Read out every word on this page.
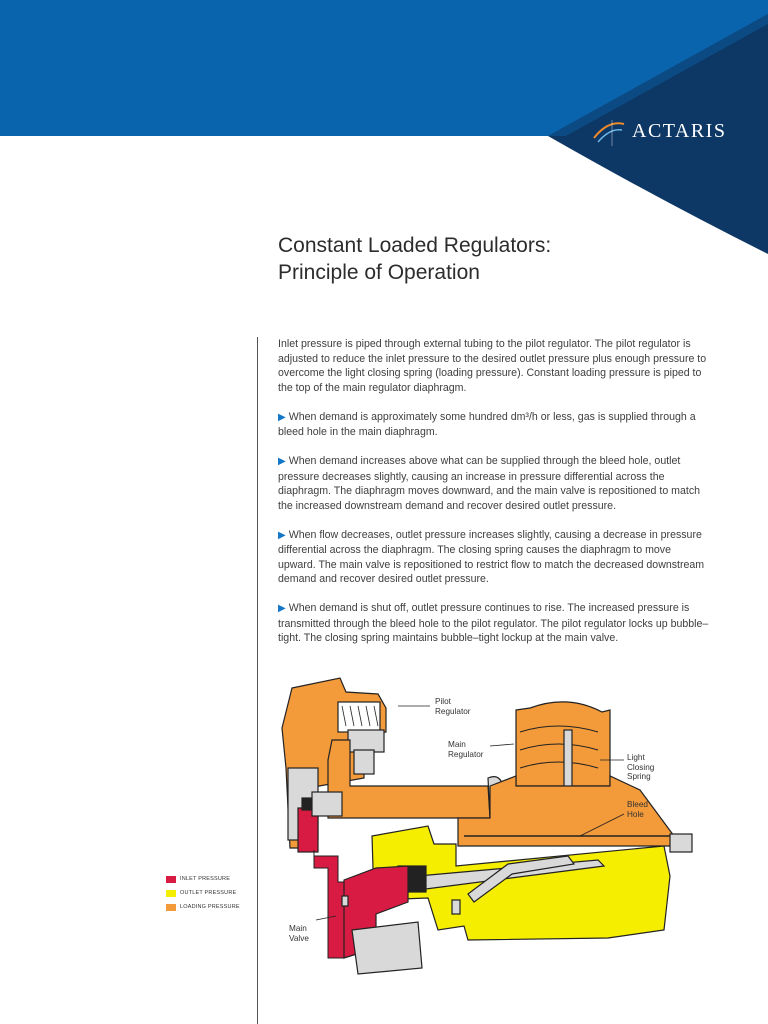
ACTARIS
Constant Loaded Regulators:
Principle of Operation

Inlet pressure is piped through external tubing to the pilot regulator. The pilot regulator is adjusted to reduce the inlet pressure to the desired outlet pressure plus enough pressure to overcome the light closing spring (loading pressure). Constant loading pressure is piped to the top of the main regulator diaphragm.

▶ When demand is approximately some hundred dm³/h or less, gas is supplied through a bleed hole in the main diaphragm.

▶ When demand increases above what can be supplied through the bleed hole, outlet pressure decreases slightly, causing an increase in pressure differential across the diaphragm. The diaphragm moves downward, and the main valve is repositioned to match the increased downstream demand and recover desired outlet pressure.

▶ When flow decreases, outlet pressure increases slightly, causing a decrease in pressure differential across the diaphragm. The closing spring causes the diaphragm to move upward. The main valve is repositioned to restrict flow to match the decreased downstream demand and recover desired outlet pressure.

▶ When demand is shut off, outlet pressure continues to rise. The increased pressure is transmitted through the bleed hole to the pilot regulator. The pilot regulator locks up bubble–tight. The closing spring maintains bubble–tight lockup at the main valve.

Pilot
Regulator
Main
Regulator	Light
Closing
Spring
Bleed
Hole
Main
Valve
INLET PRESSURE
OUTLET PRESSURE
LOADING PRESSURE
